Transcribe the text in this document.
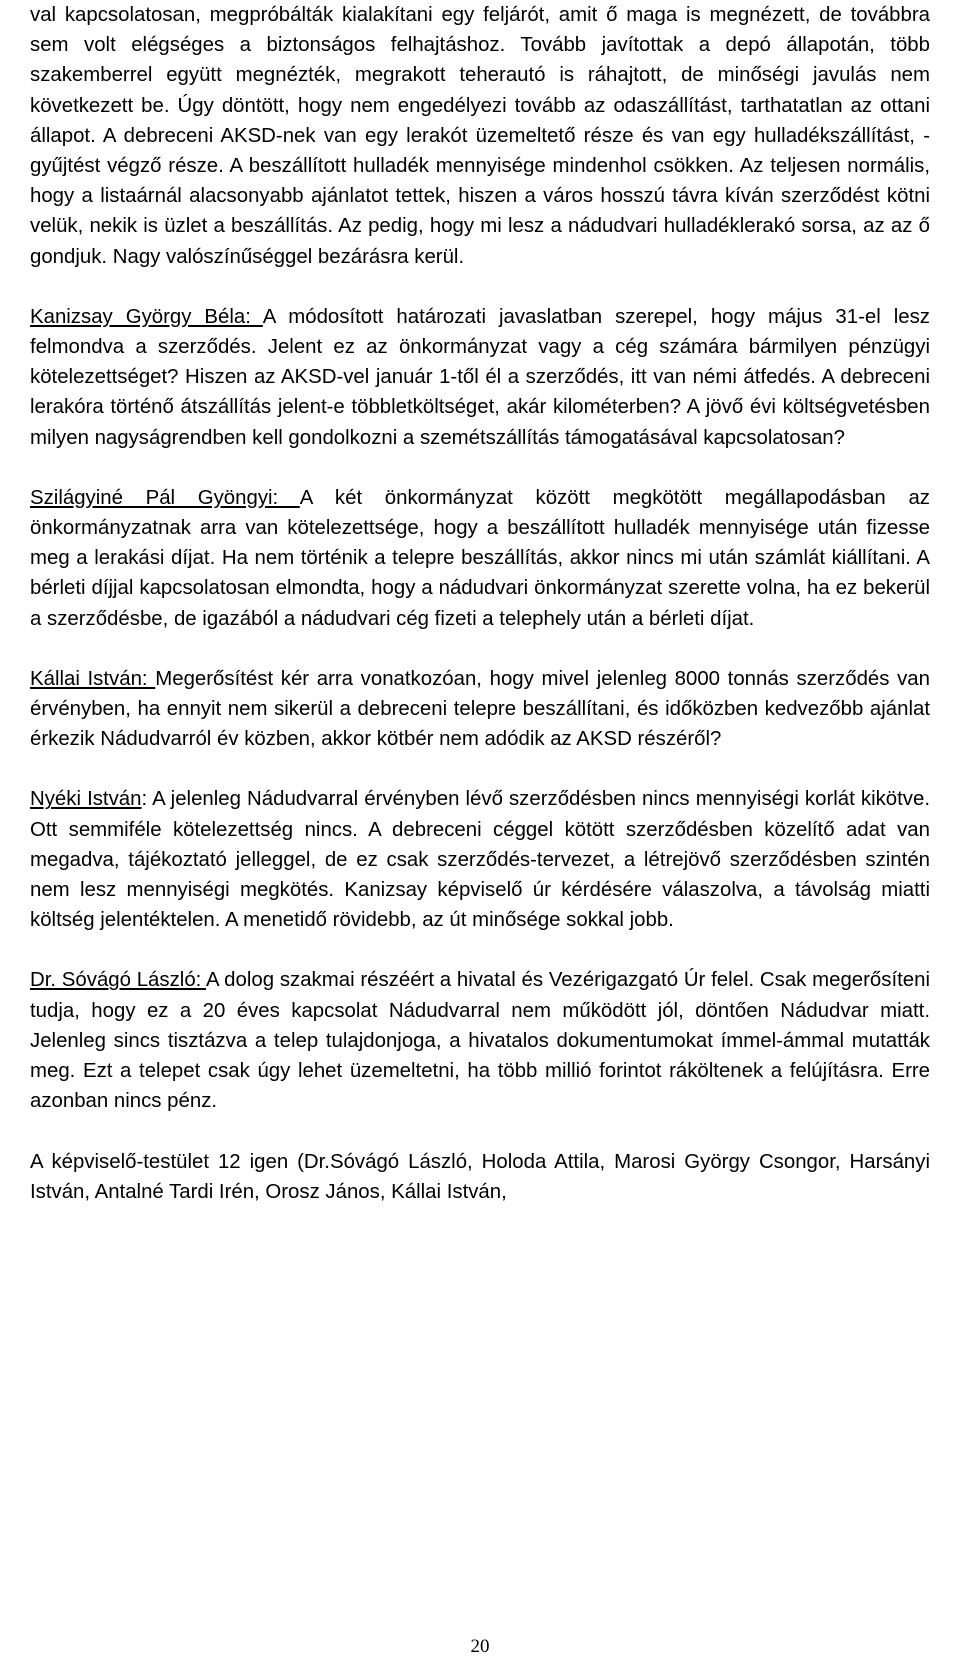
val kapcsolatosan, megpróbálták kialakítani egy feljárót, amit ő maga is megnézett, de továbbra sem volt elégséges a biztonságos felhajtáshoz. Tovább javítottak a depó állapotán, több szakemberrel együtt megnézték, megrakott teherautó is ráhajtott, de minőségi javulás nem következett be. Úgy döntött, hogy nem engedélyezi tovább az odaszállítást, tarthatatlan az ottani állapot. A debreceni AKSD-nek van egy lerakót üzemeltető része és van egy hulladékszállítást, -gyűjtést végző része. A beszállított hulladék mennyisége mindenhol csökken. Az teljesen normális, hogy a listaárnál alacsonyabb ajánlatot tettek, hiszen a város hosszú távra kíván szerződést kötni velük, nekik is üzlet a beszállítás. Az pedig, hogy mi lesz a nádudvari hulladéklerakó sorsa, az az ő gondjuk. Nagy valószínűséggel bezárásra kerül.

Kanizsay György Béla: A módosított határozati javaslatban szerepel, hogy május 31-el lesz felmondva a szerződés. Jelent ez az önkormányzat vagy a cég számára bármilyen pénzügyi kötelezettséget? Hiszen az AKSD-vel január 1-től él a szerződés, itt van némi átfedés. A debreceni lerakóra történő átszállítás jelent-e többletköltséget, akár kilométerben? A jövő évi költségvetésben milyen nagyságrendben kell gondolkozni a szemétszállítás támogatásával kapcsolatosan?

Szilágyiné Pál Gyöngyi: A két önkormányzat között megkötött megállapodásban az önkormányzatnak arra van kötelezettsége, hogy a beszállított hulladék mennyisége után fizesse meg a lerakási díjat. Ha nem történik a telepre beszállítás, akkor nincs mi után számlát kiállítani. A bérleti díjjal kapcsolatosan elmondta, hogy a nádudvari önkormányzat szerette volna, ha ez bekerül a szerződésbe, de igazából a nádudvari cég fizeti a telephely után a bérleti díjat.

Kállai István: Megerősítést kér arra vonatkozóan, hogy mivel jelenleg 8000 tonnás szerződés van érvényben, ha ennyit nem sikerül a debreceni telepre beszállítani, és időközben kedvezőbb ajánlat érkezik Nádudvarról év közben, akkor kötbér nem adódik az AKSD részéről?

Nyéki István: A jelenleg Nádudvarral érvényben lévő szerződésben nincs mennyiségi korlát kikötve. Ott semmiféle kötelezettség nincs. A debreceni céggel kötött szerződésben közelítő adat van megadva, tájékoztató jelleggel, de ez csak szerződés-tervezet, a létrejövő szerződésben szintén nem lesz mennyiségi megkötés. Kanizsay képviselő úr kérdésére válaszolva, a távolság miatti költség jelentéktelen. A menetidő rövidebb, az út minősége sokkal jobb.

Dr. Sóvágó László: A dolog szakmai részéért a hivatal és Vezérigazgató Úr felel. Csak megerősíteni tudja, hogy ez a 20 éves kapcsolat Nádudvarral nem működött jól, döntően Nádudvar miatt. Jelenleg sincs tisztázva a telep tulajdonjoga, a hivatalos dokumentumokat ímmel-ámmal mutatták meg. Ezt a telepet csak úgy lehet üzemeltetni, ha több millió forintot ráköltenek a felújításra. Erre azonban nincs pénz.

A képviselő-testület 12 igen (Dr.Sóvágó László, Holoda Attila, Marosi György Csongor, Harsányi István, Antalné Tardi Irén, Orosz János, Kállai István,

20
